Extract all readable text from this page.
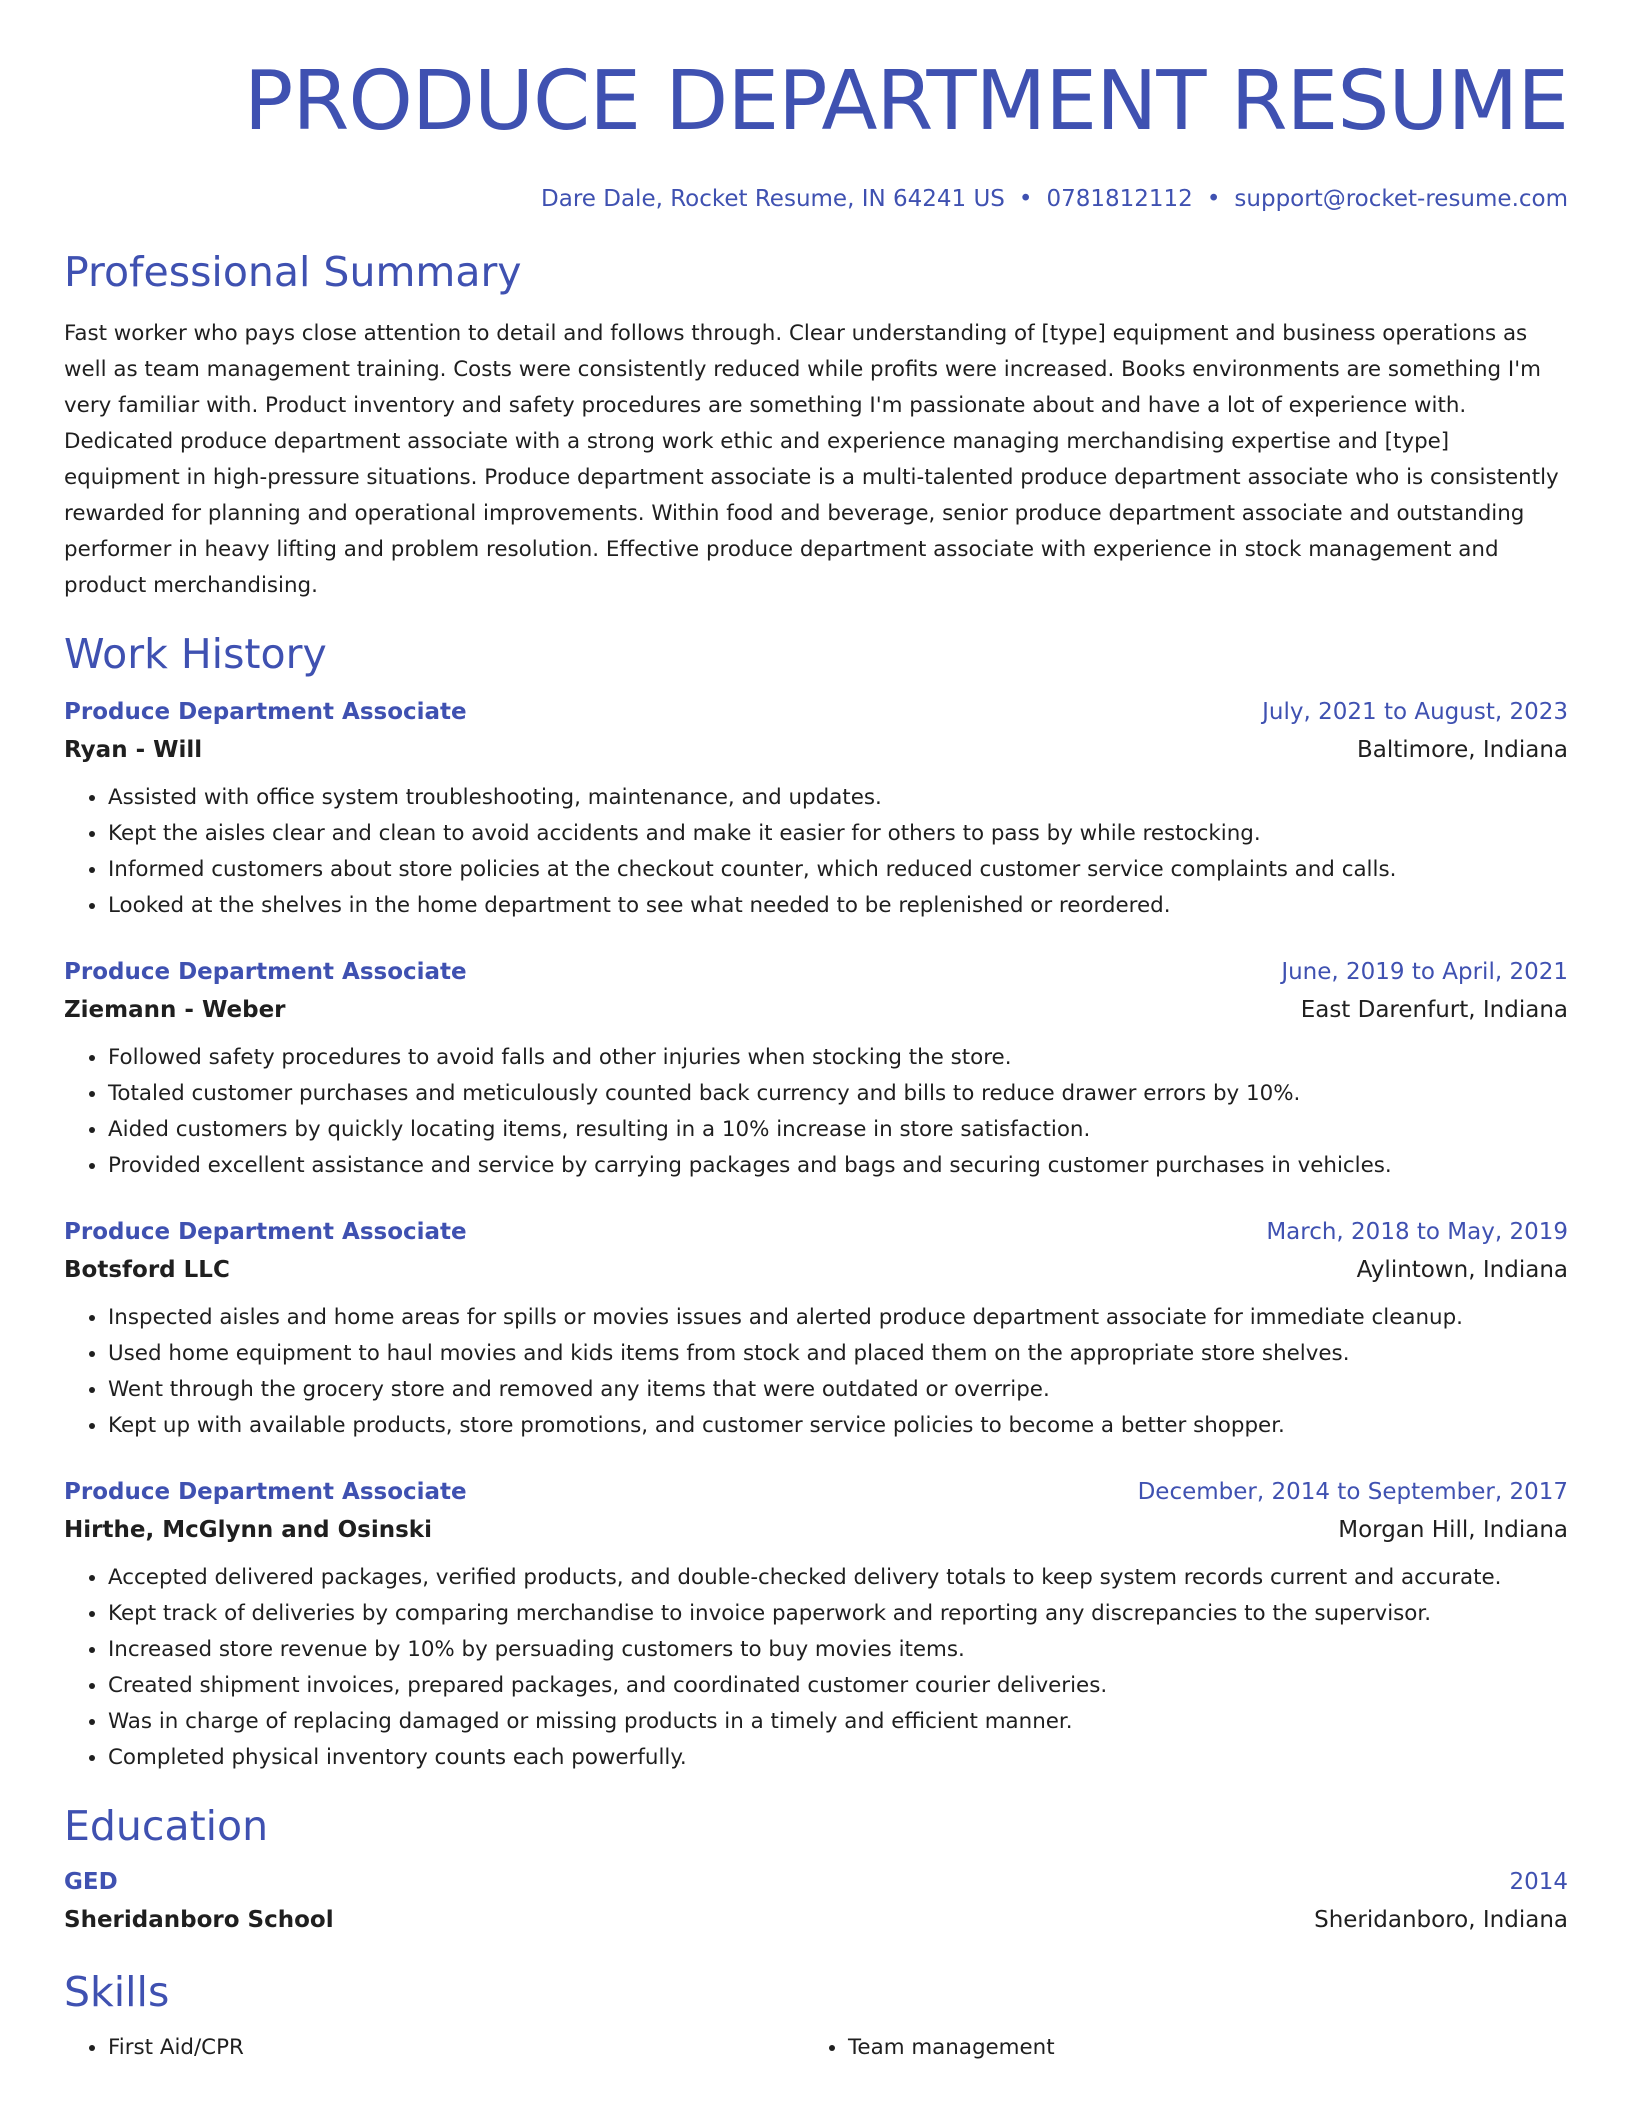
PRODUCE DEPARTMENT RESUME
Dare Dale, Rocket Resume, IN 64241 US • 0781812112 • support@rocket-resume.com
Professional Summary

Fast worker who pays close attention to detail and follows through. Clear understanding of [type] equipment and business operations as well as team management training. Costs were consistently reduced while profits were increased. Books environments are something I'm very familiar with. Product inventory and safety procedures are something I'm passionate about and have a lot of experience with. Dedicated produce department associate with a strong work ethic and experience managing merchandising expertise and [type] equipment in high-pressure situations. Produce department associate is a multi-talented produce department associate who is consistently rewarded for planning and operational improvements. Within food and beverage, senior produce department associate and outstanding performer in heavy lifting and problem resolution. Effective produce department associate with experience in stock management and product merchandising.

Work History
Produce Department Associate	July, 2021 to August, 2023
Ryan - Will	Baltimore, Indiana
• Assisted with office system troubleshooting, maintenance, and updates.
• Kept the aisles clear and clean to avoid accidents and make it easier for others to pass by while restocking.
• Informed customers about store policies at the checkout counter, which reduced customer service complaints and calls.
• Looked at the shelves in the home department to see what needed to be replenished or reordered.
Produce Department Associate	June, 2019 to April, 2021
Ziemann - Weber	East Darenfurt, Indiana
• Followed safety procedures to avoid falls and other injuries when stocking the store.
• Totaled customer purchases and meticulously counted back currency and bills to reduce drawer errors by 10%.
• Aided customers by quickly locating items, resulting in a 10% increase in store satisfaction.
• Provided excellent assistance and service by carrying packages and bags and securing customer purchases in vehicles.
Produce Department Associate	March, 2018 to May, 2019
Botsford LLC	Aylintown, Indiana
• Inspected aisles and home areas for spills or movies issues and alerted produce department associate for immediate cleanup.
• Used home equipment to haul movies and kids items from stock and placed them on the appropriate store shelves.
• Went through the grocery store and removed any items that were outdated or overripe.
• Kept up with available products, store promotions, and customer service policies to become a better shopper.
Produce Department Associate	December, 2014 to September, 2017
Hirthe, McGlynn and Osinski	Morgan Hill, Indiana
• Accepted delivered packages, verified products, and double-checked delivery totals to keep system records current and accurate.
• Kept track of deliveries by comparing merchandise to invoice paperwork and reporting any discrepancies to the supervisor.
• Increased store revenue by 10% by persuading customers to buy movies items.
• Created shipment invoices, prepared packages, and coordinated customer courier deliveries.
• Was in charge of replacing damaged or missing products in a timely and efficient manner.
• Completed physical inventory counts each powerfully.
Education
GED	2014
Sheridanboro School	Sheridanboro, Indiana
Skills
• First Aid/CPR
•	Team management
